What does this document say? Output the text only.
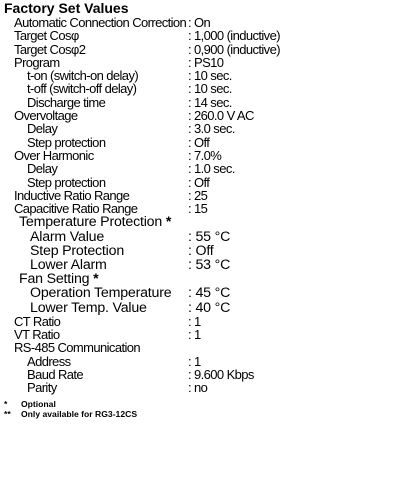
Factory Set Values
Automatic Connection Correction : On
Target Cosφ	: 1,000 (inductive)
Target Cosφ2	: 0,900 (inductive)
Program	: PS10
t-on (switch-on delay)	: 10 sec.
t-off (switch-off delay)	: 10 sec.
Discharge time	: 14 sec.
Overvoltage	: 260.0 V AC
Delay	: 3.0 sec.
Step protection	: Off
Over Harmonic	: 7.0%
Delay	: 1.0 sec.
Step protection	: Off
Inductive Ratio Range	: 25
Capacitive Ratio Range	: 15
Temperature Protection *
Alarm Value	: 55 °C
Step Protection	: Off
Lower Alarm	: 53 °C
Fan Setting *
Operation Temperature : 45 °C
Lower Temp. Value	: 40 °C
CT Ratio	: 1
VT Ratio	: 1
RS-485 Communication
Address	: 1
Baud Rate	: 9.600 Kbps
Parity	: no
* Optional
** Only available for RG3-12CS
